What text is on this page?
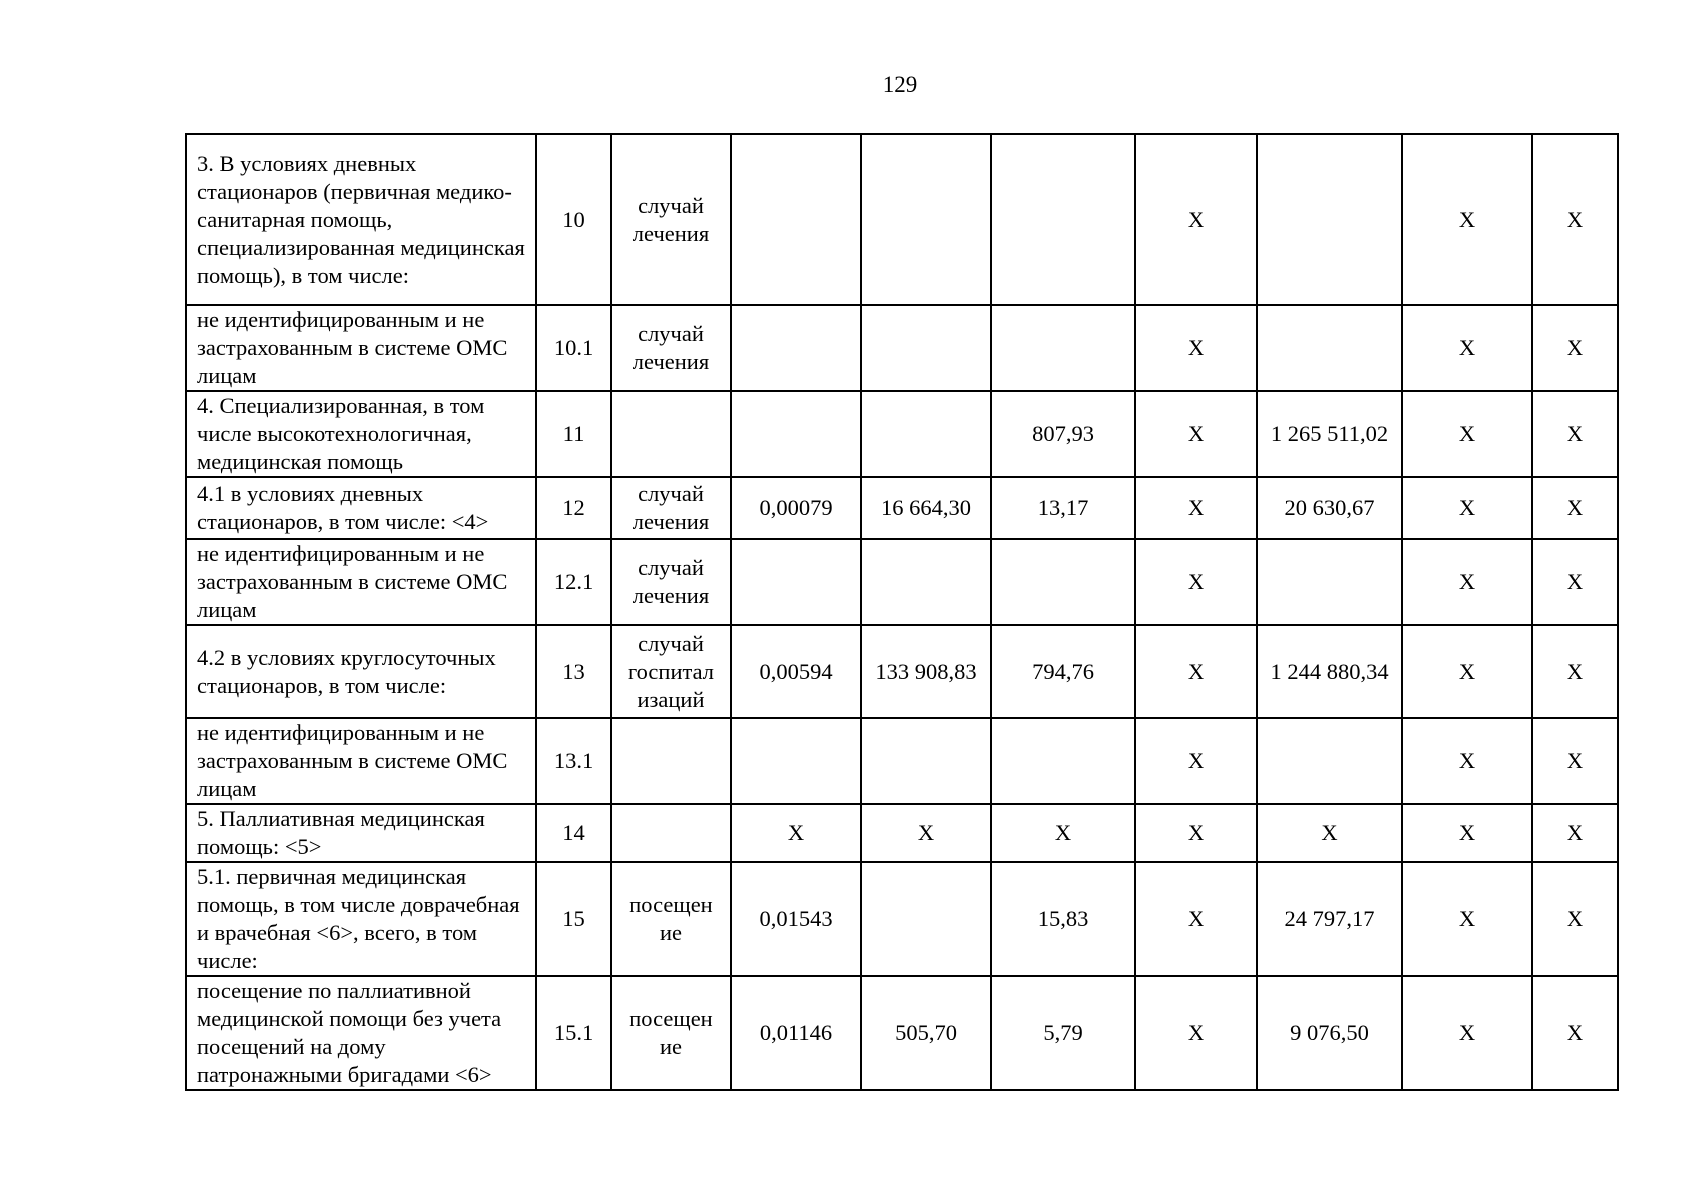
129
3. В условиях дневных стационаров (первичная медико-санитарная помощь, специализированная медицинская помощь), в том числе:	10	случай лечения				X		X	X
не идентифицированным и не застрахованным в системе ОМС лицам	10.1	случай лечения				X		X	X
4. Специализированная, в том числе высокотехнологичная, медицинская помощь	11				807,93	X	1 265 511,02	X	X
4.1 в условиях дневных стационаров, в том числе: <4>	12	случай лечения	0,00079	16 664,30	13,17	X	20 630,67	X	X
не идентифицированным и не застрахованным в системе ОМС лицам	12.1	случай лечения				X		X	X
4.2 в условиях круглосуточных стационаров, в том числе:	13	случай госпитал изаций	0,00594	133 908,83	794,76	X	1 244 880,34	X	X
не идентифицированным и не застрахованным в системе ОМС лицам	13.1					X		X	X
5. Паллиативная медицинская помощь: <5>	14		X	X	X	X	X	X	X
5.1. первичная медицинская помощь, в том числе доврачебная и врачебная <6>, всего, в том числе:	15	посещен ие	0,01543		15,83	X	24 797,17	X	X
посещение по паллиативной медицинской помощи без учета посещений на дому патронажными бригадами <6>	15.1	посещен ие	0,01146	505,70	5,79	X	9 076,50	X	X
